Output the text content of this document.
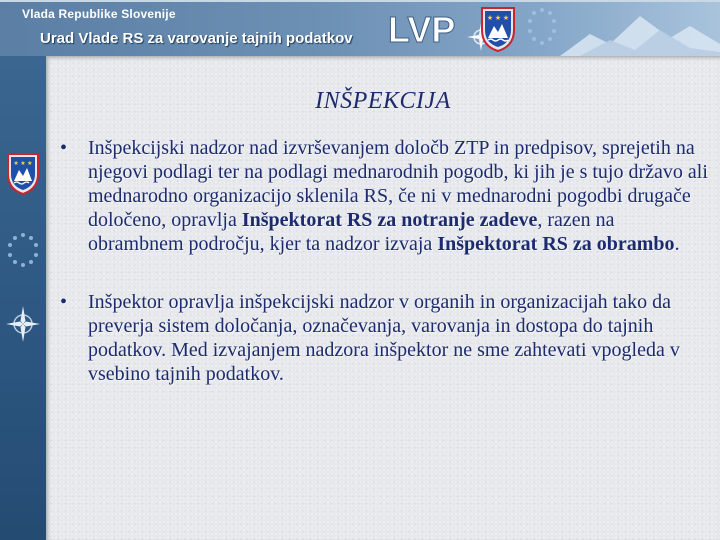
Vlada Republike Slovenije
Urad Vlade RS za varovanje tajnih podatkov LVP	★ ★ ★
★ ★ ★
INŠPEKCIJA
• Inšpekcijski nadzor nad izvrševanjem določb ZTP in predpisov, sprejetih na njegovi podlagi ter na podlagi mednarodnih pogodb, ki jih je s tujo državo ali mednarodno organizacijo sklenila RS, če ni v mednarodni pogodbi drugače določeno, opravlja Inšpektorat RS za notranje zadeve, razen na obrambnem področju, kjer ta nadzor izvaja Inšpektorat RS za obrambo.
• Inšpektor opravlja inšpekcijski nadzor v organih in organizacijah tako da preverja sistem določanja, označevanja, varovanja in dostopa do tajnih podatkov. Med izvajanjem nadzora inšpektor ne sme zahtevati vpogleda v vsebino tajnih podatkov.
